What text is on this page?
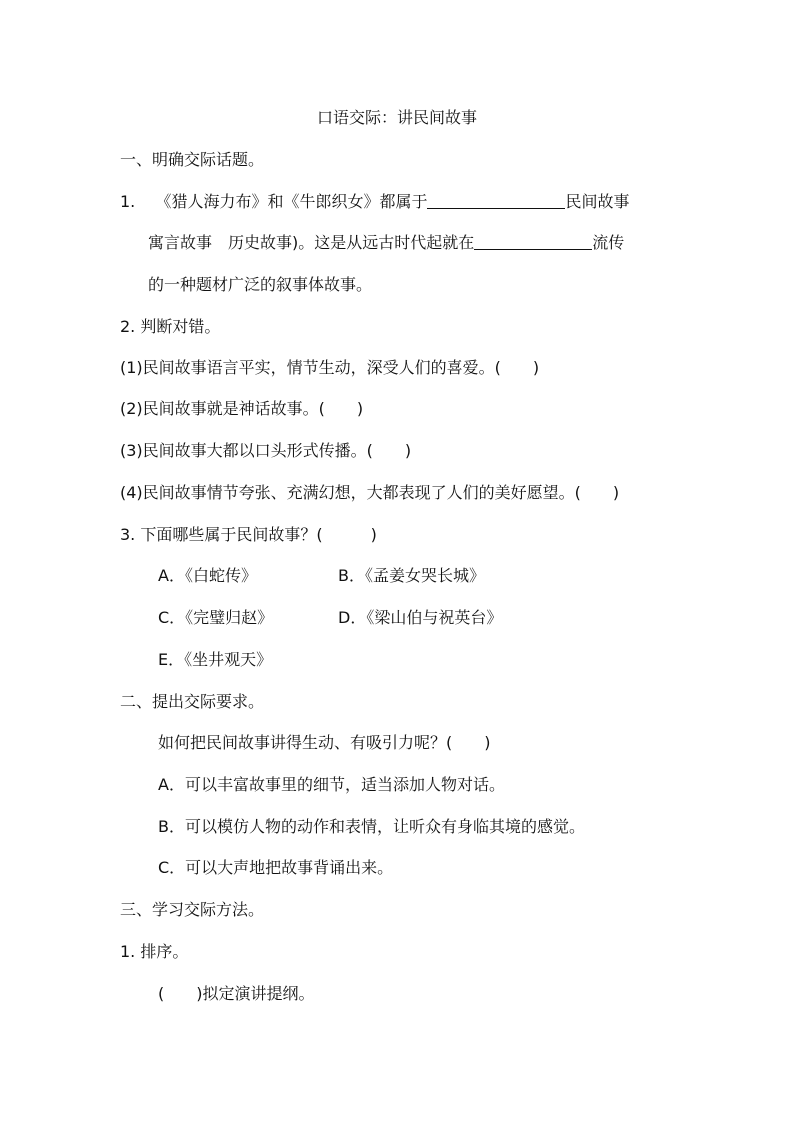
口语交际：讲民间故事
一、明确交际话题。
1. 《猎人海力布》和《牛郎织女》都属于	民间故事
寓言故事　历史故事)。这是从远古时代起就在	流传
的一种题材广泛的叙事体故事。
2. 判断对错。
(1)民间故事语言平实，情节生动，深受人们的喜爱。(　　)
(2)民间故事就是神话故事。(　　)
(3)民间故事大都以口头形式传播。(　　)
(4)民间故事情节夸张、充满幻想，大都表现了人们的美好愿望。(　　)
3. 下面哪些属于民间故事？(　　　)
A．《白蛇传》	B．《孟姜女哭长城》
C．《完璧归赵》	D．《梁山伯与祝英台》
E．《坐井观天》
二、提出交际要求。
如何把民间故事讲得生动、有吸引力呢？(　　)
A．可以丰富故事里的细节，适当添加人物对话。
B．可以模仿人物的动作和表情，让听众有身临其境的感觉。
C．可以大声地把故事背诵出来。
三、学习交际方法。
1. 排序。
(　　)拟定演讲提纲。
